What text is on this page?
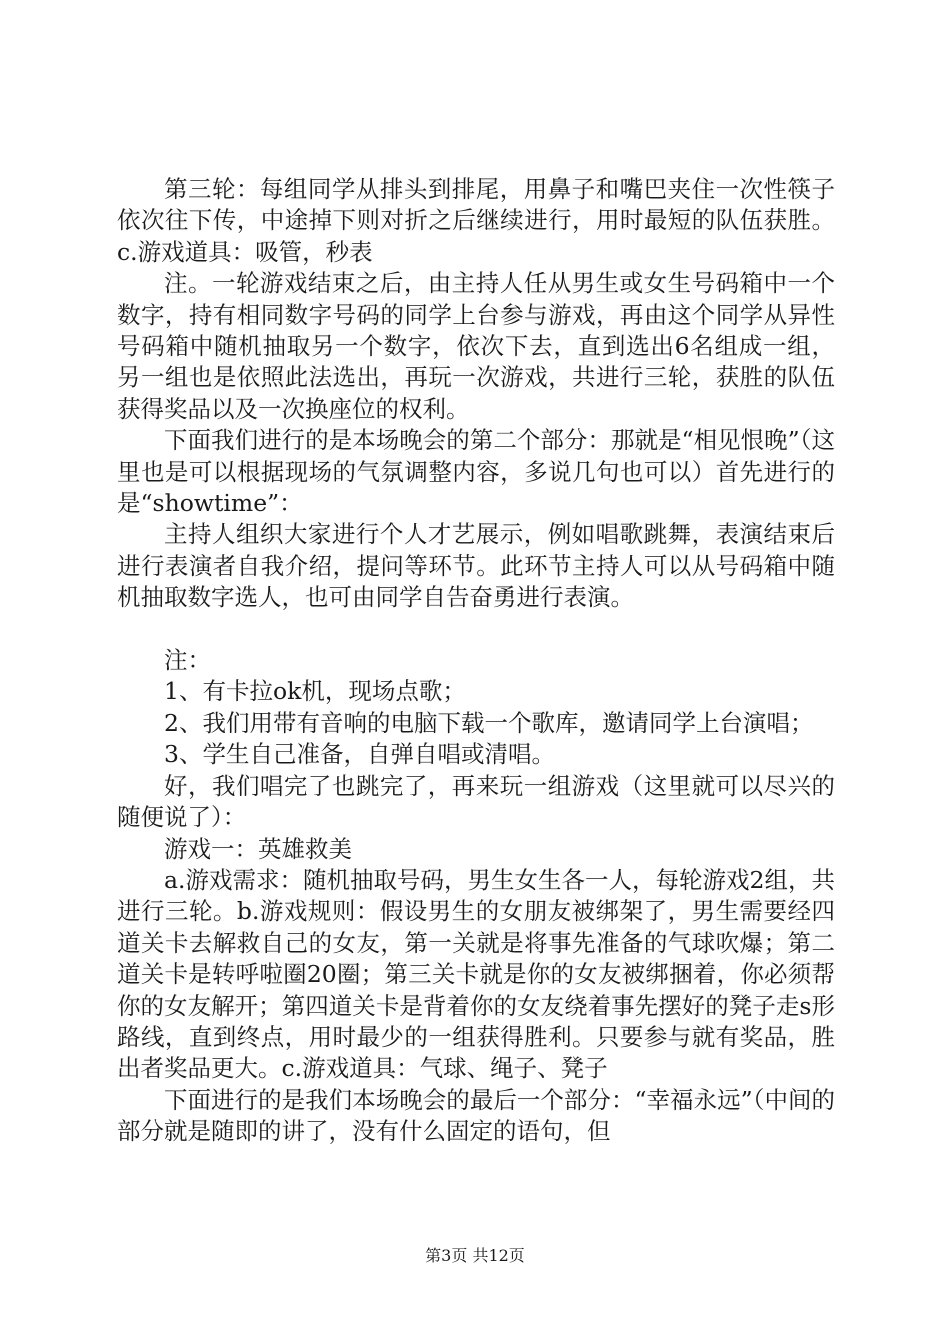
第三轮：每组同学从排头到排尾，用鼻子和嘴巴夹住一次性筷子依次往下传，中途掉下则对折之后继续进行，用时最短的队伍获胜。c.游戏道具：吸管，秒表

注。一轮游戏结束之后，由主持人任从男生或女生号码箱中一个数字，持有相同数字号码的同学上台参与游戏，再由这个同学从异性号码箱中随机抽取另一个数字，依次下去，直到选出6名组成一组，另一组也是依照此法选出，再玩一次游戏，共进行三轮，获胜的队伍获得奖品以及一次换座位的权利。

下面我们进行的是本场晚会的第二个部分：那就是“相见恨晚”（这里也是可以根据现场的气氛调整内容，多说几句也可以）首先进行的是“showtime”：

主持人组织大家进行个人才艺展示，例如唱歌跳舞，表演结束后进行表演者自我介绍，提问等环节。此环节主持人可以从号码箱中随机抽取数字选人，也可由同学自告奋勇进行表演。

注：

1、有卡拉ok机，现场点歌；

2、我们用带有音响的电脑下载一个歌库，邀请同学上台演唱；

3、学生自己准备，自弹自唱或清唱。

好，我们唱完了也跳完了，再来玩一组游戏（这里就可以尽兴的随便说了）：

游戏一：英雄救美

a.游戏需求：随机抽取号码，男生女生各一人，每轮游戏2组，共进行三轮。b.游戏规则：假设男生的女朋友被绑架了，男生需要经四道关卡去解救自己的女友，第一关就是将事先准备的气球吹爆；第二道关卡是转呼啦圈20圈；第三关卡就是你的女友被绑捆着，你必须帮你的女友解开；第四道关卡是背着你的女友绕着事先摆好的凳子走s形路线，直到终点，用时最少的一组获得胜利。只要参与就有奖品，胜出者奖品更大。c.游戏道具：气球、绳子、凳子

下面进行的是我们本场晚会的最后一个部分：“幸福永远”（中间的部分就是随即的讲了，没有什么固定的语句，但

第3页 共12页
